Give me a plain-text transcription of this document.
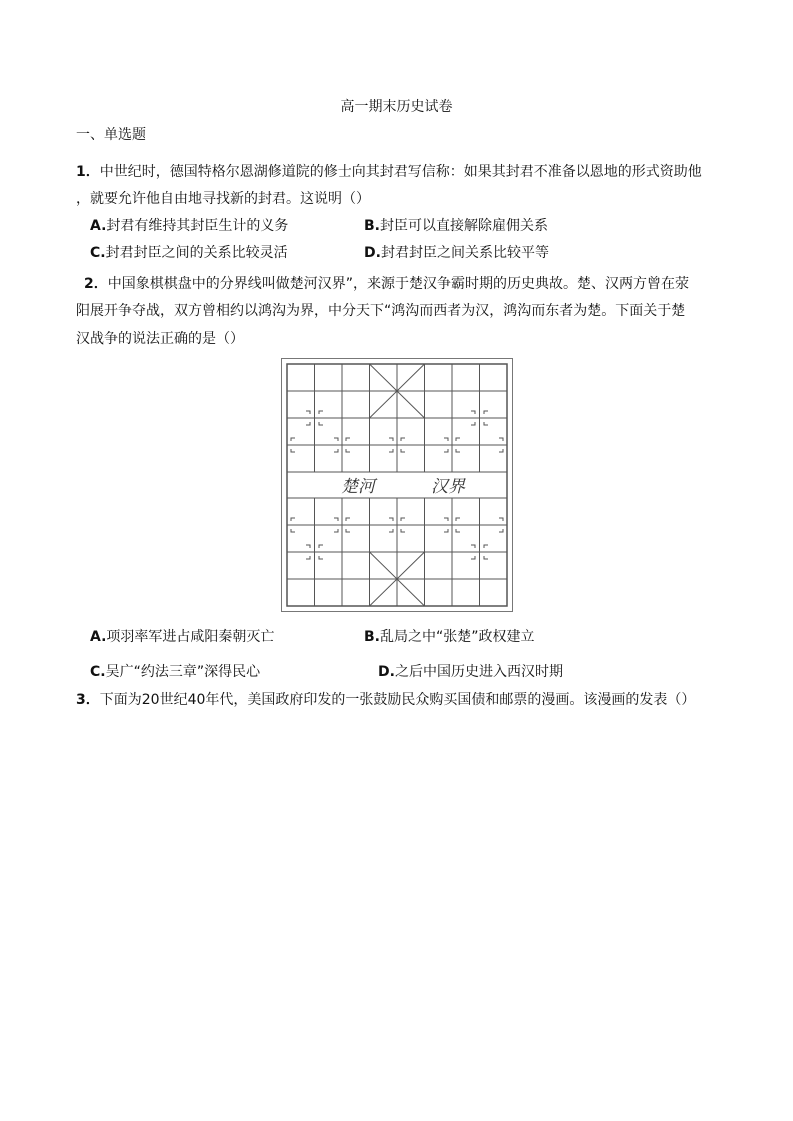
高一期末历史试卷
一、单选题
1．中世纪时，德国特格尔恩湖修道院的修士向其封君写信称：如果其封君不准备以恩地的形式资助他
，就要允许他自由地寻找新的封君。这说明（）
A.封君有维持其封臣生计的义务	B.封臣可以直接解除雇佣关系
C.封君封臣之间的关系比较灵活	D.封君封臣之间关系比较平等
2．中国象棋棋盘中的分界线叫做楚河汉界”，来源于楚汉争霸时期的历史典故。楚、汉两方曾在荥
阳展开争夺战，双方曾相约以鸿沟为界，中分天下“鸿沟而西者为汉，鸿沟而东者为楚。下面关于楚
汉战争的说法正确的是（）
楚河	汉界
A.项羽率军进占咸阳秦朝灭亡	B.乱局之中“张楚”政权建立
C.吴广“约法三章”深得民心	D.之后中国历史进入西汉时期
3．下面为20世纪40年代，美国政府印发的一张鼓励民众购买国债和邮票的漫画。该漫画的发表（）
